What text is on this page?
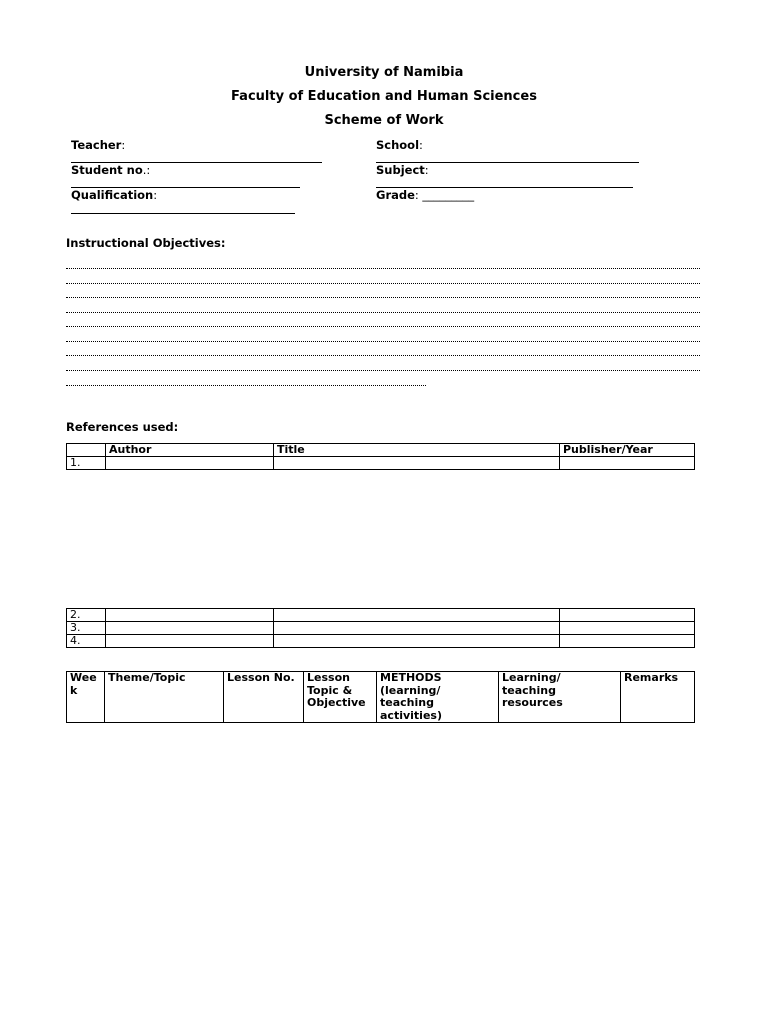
University of Namibia
Faculty of Education and Human Sciences
Scheme of Work
Teacher:	School:
Student no.:	Subject:
Qualification:	Grade: _________
Instructional Objectives:
References used:
	Author	Title	Publisher/Year
1.			
2.			
3.			
4.			
Wee k	Theme/Topic	Lesson No.	Lesson Topic & Objective	METHODS (learning/ teaching activities)	Learning/ teaching resources	Remarks
